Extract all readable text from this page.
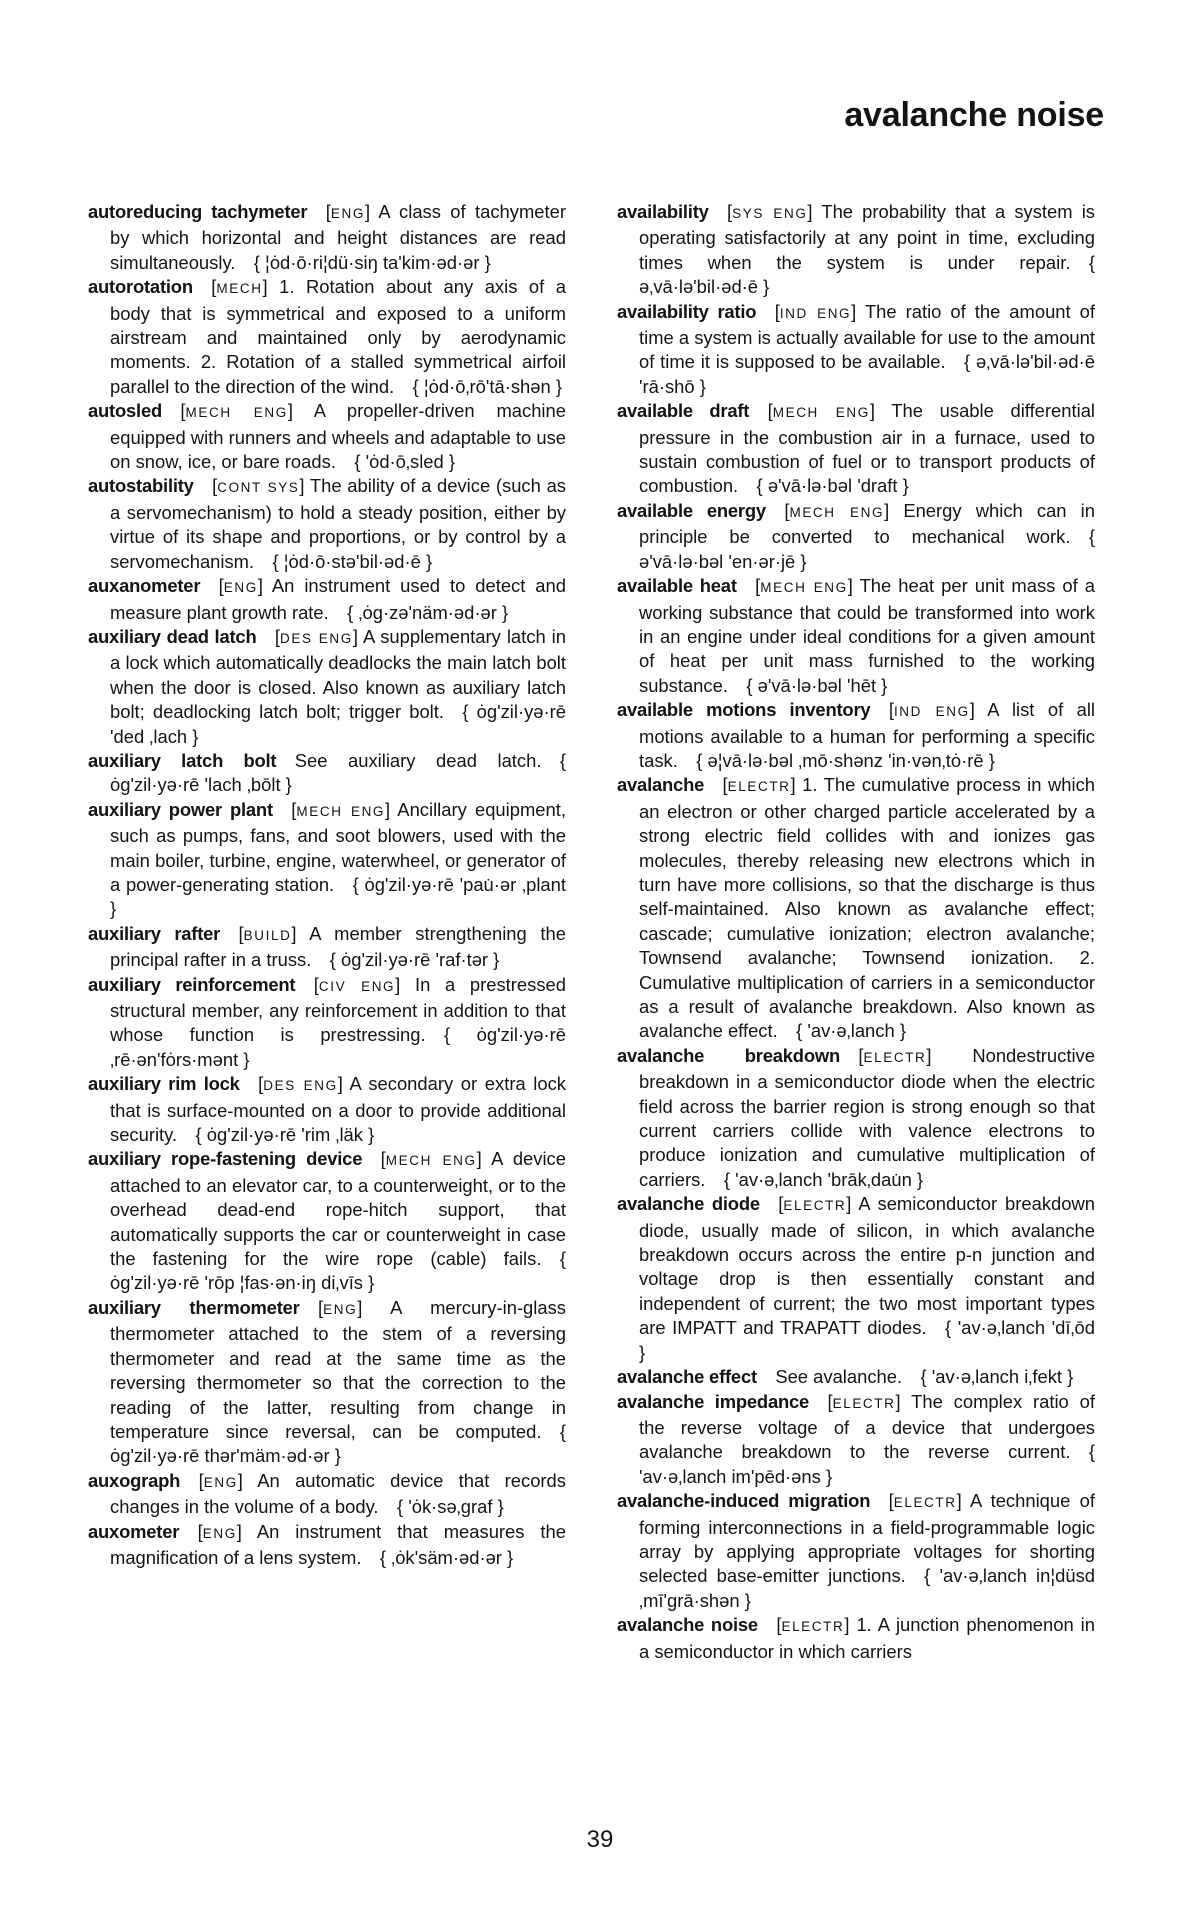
avalanche noise

autoreducing tachymeter  [ENG] A class of tachymeter by which horizontal and height distances are read simultaneously. { ¦ȯd·ō·ri¦dü·siŋ ta'kim·əd·ər }

autorotation  [MECH] 1. Rotation about any axis of a body that is symmetrical and exposed to a uniform airstream and maintained only by aerodynamic moments. 2. Rotation of a stalled symmetrical airfoil parallel to the direction of the wind. { ¦ȯd·ō‚rō'tā·shən }

autosled  [MECH ENG] A propeller-driven machine equipped with runners and wheels and adaptable to use on snow, ice, or bare roads. { 'ȯd·ō‚sled }

autostability  [CONT SYS] The ability of a device (such as a servomechanism) to hold a steady position, either by virtue of its shape and proportions, or by control by a servomechanism. { ¦ȯd·ō·stə'bil·əd·ē }

auxanometer  [ENG] An instrument used to detect and measure plant growth rate. { ‚ȯg·zə'näm·əd·ər }

auxiliary dead latch  [DES ENG] A supplementary latch in a lock which automatically deadlocks the main latch bolt when the door is closed. Also known as auxiliary latch bolt; deadlocking latch bolt; trigger bolt. { ȯg'zil·yə·rē 'ded ‚lach }

auxiliary latch bolt  See auxiliary dead latch. { ȯg'zil·yə·rē 'lach ‚bōlt }

auxiliary power plant  [MECH ENG] Ancillary equipment, such as pumps, fans, and soot blowers, used with the main boiler, turbine, engine, waterwheel, or generator of a power-generating station. { ȯg'zil·yə·rē 'pau̇·ər ‚plant }

auxiliary rafter  [BUILD] A member strengthening the principal rafter in a truss. { ȯg'zil·yə·rē 'raf·tər }

auxiliary reinforcement  [CIV ENG] In a prestressed structural member, any reinforcement in addition to that whose function is prestressing. { ȯg'zil·yə·rē ‚rē·ən'fȯrs·mənt }

auxiliary rim lock  [DES ENG] A secondary or extra lock that is surface-mounted on a door to provide additional security. { ȯg'zil·yə·rē 'rim ‚läk }

auxiliary rope-fastening device  [MECH ENG] A device attached to an elevator car, to a counterweight, or to the overhead dead-end rope-hitch support, that automatically supports the car or counterweight in case the fastening for the wire rope (cable) fails. { ȯg'zil·yə·rē 'rōp ¦fas·ən·iŋ di‚vīs }

auxiliary thermometer  [ENG] A mercury-in-glass thermometer attached to the stem of a reversing thermometer and read at the same time as the reversing thermometer so that the correction to the reading of the latter, resulting from change in temperature since reversal, can be computed. { ȯg'zil·yə·rē thər'mäm·əd·ər }

auxograph  [ENG] An automatic device that records changes in the volume of a body. { 'ȯk·sə‚graf }

auxometer  [ENG] An instrument that measures the magnification of a lens system. { ‚ȯk'säm·əd·ər }

availability  [SYS ENG] The probability that a system is operating satisfactorily at any point in time, excluding times when the system is under repair. { ə‚vā·lə'bil·əd·ē }

availability ratio  [IND ENG] The ratio of the amount of time a system is actually available for use to the amount of time it is supposed to be available. { ə‚vā·lə'bil·əd·ē 'rā·shō }

available draft  [MECH ENG] The usable differential pressure in the combustion air in a furnace, used to sustain combustion of fuel or to transport products of combustion. { ə'vā·lə·bəl 'draft }

available energy  [MECH ENG] Energy which can in principle be converted to mechanical work. { ə'vā·lə·bəl 'en·ər·jē }

available heat  [MECH ENG] The heat per unit mass of a working substance that could be transformed into work in an engine under ideal conditions for a given amount of heat per unit mass furnished to the working substance. { ə'vā·lə·bəl 'hēt }

available motions inventory  [IND ENG] A list of all motions available to a human for performing a specific task. { ə¦vā·lə·bəl ‚mō·shənz 'in·vən‚tȯ·rē }

avalanche  [ELECTR] 1. The cumulative process in which an electron or other charged particle accelerated by a strong electric field collides with and ionizes gas molecules, thereby releasing new electrons which in turn have more collisions, so that the discharge is thus self-maintained. Also known as avalanche effect; cascade; cumulative ionization; electron avalanche; Townsend avalanche; Townsend ionization. 2. Cumulative multiplication of carriers in a semiconductor as a result of avalanche breakdown. Also known as avalanche effect. { 'av·ə‚lanch }

avalanche breakdown  [ELECTR] Nondestructive breakdown in a semiconductor diode when the electric field across the barrier region is strong enough so that current carriers collide with valence electrons to produce ionization and cumulative multiplication of carriers. { 'av·ə‚lanch 'brāk‚dau̇n }

avalanche diode  [ELECTR] A semiconductor breakdown diode, usually made of silicon, in which avalanche breakdown occurs across the entire p-n junction and voltage drop is then essentially constant and independent of current; the two most important types are IMPATT and TRAPATT diodes. { 'av·ə‚lanch 'dī‚ōd }

avalanche effect  See avalanche. { 'av·ə‚lanch i‚fekt }

avalanche impedance  [ELECTR] The complex ratio of the reverse voltage of a device that undergoes avalanche breakdown to the reverse current. { 'av·ə‚lanch im'pēd·əns }

avalanche-induced migration  [ELECTR] A technique of forming interconnections in a field-programmable logic array by applying appropriate voltages for shorting selected base-emitter junctions. { 'av·ə‚lanch in¦düsd ‚mī'grā·shən }

avalanche noise  [ELECTR] 1. A junction phenomenon in a semiconductor in which carriers

39
